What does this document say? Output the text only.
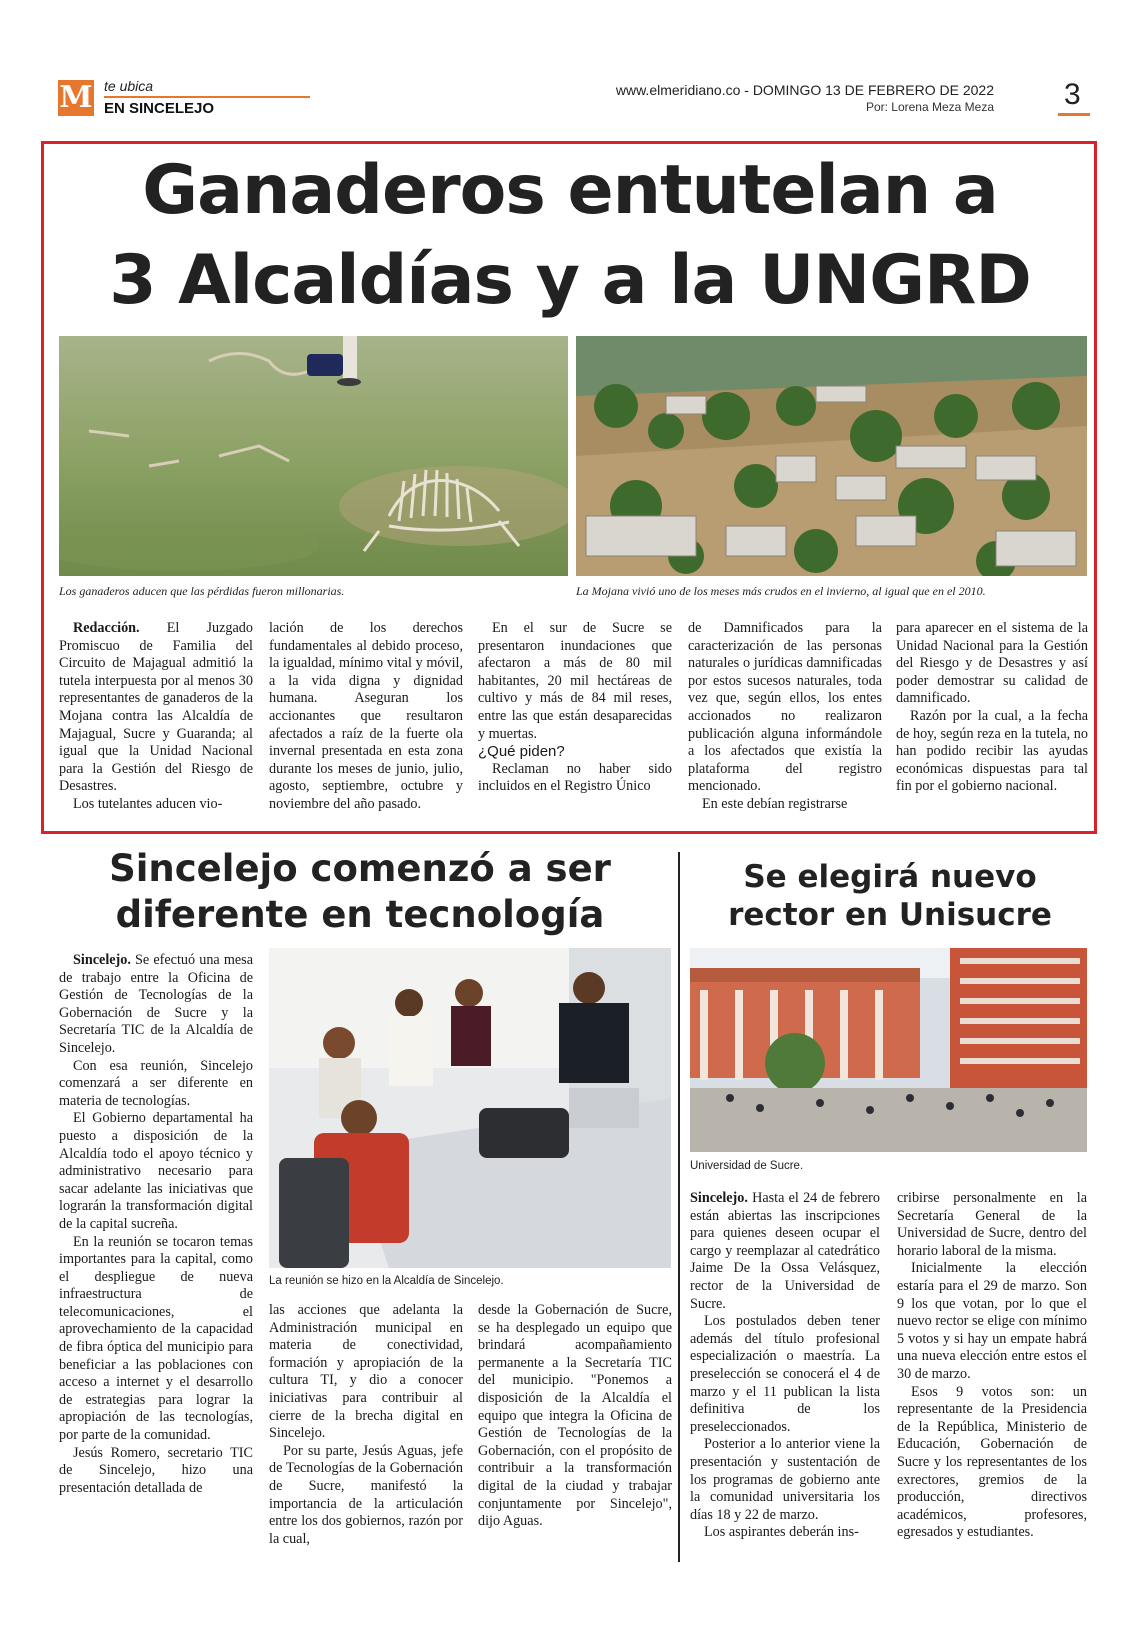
M te ubica
EN SINCELEJO
www.elmeridiano.co - DOMINGO 13 DE FEBRERO DE 2022
Por: Lorena Meza Meza 3
Ganaderos entutelan a
3 Alcaldías y a la UNGRD
Los ganaderos aducen que las pérdidas fueron millonarias.	La Mojana vivió uno de los meses más crudos en el invierno, al igual que en el 2010.

Redacción. El Juzgado Promiscuo de Familia del Circuito de Majagual admitió la tutela interpuesta por al menos 30 representantes de ganaderos de la Mojana contra las Alcaldía de Majagual, Sucre y Guaranda; al igual que la Unidad Nacional para la Gestión del Riesgo de Desastres.

Los tutelantes aducen vio-

lación de los derechos fundamentales al debido proceso, la igualdad, mínimo vital y móvil, a la vida digna y dignidad humana. Aseguran los accionantes que resultaron afectados a raíz de la fuerte ola invernal presentada en esta zona durante los meses de junio, julio, agosto, septiembre, octubre y noviembre del año pasado.

En el sur de Sucre se presentaron inundaciones que afectaron a más de 80 mil habitantes, 20 mil hectáreas de cultivo y más de 84 mil reses, entre las que están desaparecidas y muertas.

¿Qué piden?

Reclaman no haber sido incluidos en el Registro Único

de Damnificados para la caracterización de las personas naturales o jurídicas damnificadas por estos sucesos naturales, toda vez que, según ellos, los entes accionados no realizaron publicación alguna informándole a los afectados que existía la plataforma del registro mencionado.

En este debían registrarse

para aparecer en el sistema de la Unidad Nacional para la Gestión del Riesgo y de Desastres y así poder demostrar su calidad de damnificado.

Razón por la cual, a la fecha de hoy, según reza en la tutela, no han podido recibir las ayudas económicas dispuestas para tal fin por el gobierno nacional.

Sincelejo comenzó a ser
diferente en tecnología

Sincelejo. Se efectuó una mesa de trabajo entre la Oficina de Gestión de Tecnologías de la Gobernación de Sucre y la Secretaría TIC de la Alcaldía de Sincelejo.

Con esa reunión, Sincelejo comenzará a ser diferente en materia de tecnologías.

El Gobierno departamental ha puesto a disposición de la Alcaldía todo el apoyo técnico y administrativo necesario para sacar adelante las iniciativas que lograrán la transformación digital de la capital sucreña.

En la reunión se tocaron temas importantes para la capital, como el despliegue de nueva infraestructura de telecomunicaciones, el aprovechamiento de la capacidad de fibra óptica del municipio para beneficiar a las poblaciones con acceso a internet y el desarrollo de estrategias para lograr la apropiación de las tecnologías, por parte de la comunidad.

Jesús Romero, secretario TIC de Sincelejo, hizo una presentación detallada de

La reunión se hizo en la Alcaldía de Sincelejo.

las acciones que adelanta la Administración municipal en materia de conectividad, formación y apropiación de la cultura TI, y dio a conocer iniciativas para contribuir al cierre de la brecha digital en Sincelejo.

Por su parte, Jesús Aguas, jefe de Tecnologías de la Gobernación de Sucre, manifestó la importancia de la articulación entre los dos gobiernos, razón por la cual,

desde la Gobernación de Sucre, se ha desplegado un equipo que brindará acompañamiento permanente a la Secretaría TIC del municipio. "Ponemos a disposición de la Alcaldía el equipo que integra la Oficina de Gestión de Tecnologías de la Gobernación, con el propósito de contribuir a la transformación digital de la ciudad y trabajar conjuntamente por Sincelejo", dijo Aguas.

Se elegirá nuevo
rector en Unisucre
Universidad de Sucre.

Sincelejo. Hasta el 24 de febrero están abiertas las inscripciones para quienes deseen ocupar el cargo y reemplazar al catedrático Jaime De la Ossa Velásquez, rector de la Universidad de Sucre.

Los postulados deben tener además del título profesional especialización o maestría. La preselección se conocerá el 4 de marzo y el 11 publican la lista definitiva de los preseleccionados.

Posterior a lo anterior viene la presentación y sustentación de los programas de gobierno ante la comunidad universitaria los días 18 y 22 de marzo.

Los aspirantes deberán ins-

cribirse personalmente en la Secretaría General de la Universidad de Sucre, dentro del horario laboral de la misma.

Inicialmente la elección estaría para el 29 de marzo. Son 9 los que votan, por lo que el nuevo rector se elige con mínimo 5 votos y si hay un empate habrá una nueva elección entre estos el 30 de marzo.

Esos 9 votos son: un representante de la Presidencia de la República, Ministerio de Educación, Gobernación de Sucre y los representantes de los exrectores, gremios de la producción, directivos académicos, profesores, egresados y estudiantes.
